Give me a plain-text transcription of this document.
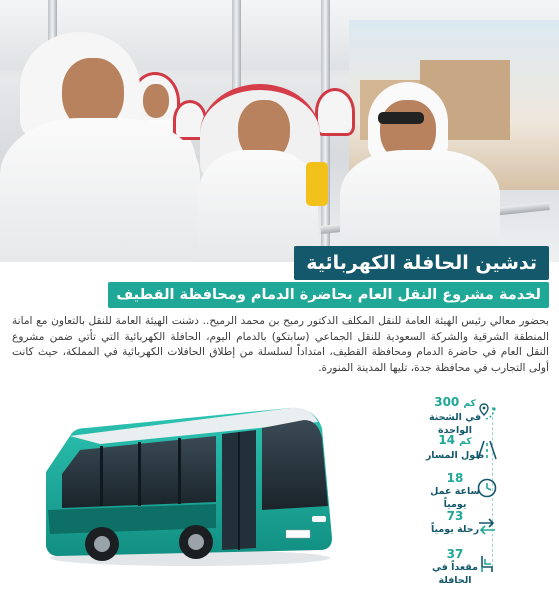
تدشين الحافلة الكهربائية
لخدمة مشروع النقل العام بحاضرة الدمام ومحافظة القطيف
بحضور معالي رئيس الهيئة العامة للنقل المكلف الدكتور رميح بن محمد الرميح.. دشنت الهيئة العامة للنقل بالتعاون مع امانة المنطقة الشرقية والشركة السعودية للنقل الجماعي (سابتكو) بالدمام اليوم، الحافلة الكهربائية التي تأتي ضمن مشروع النقل العام في حاضرة الدمام ومحافظة القطيف، امتداداً لسلسلة من إطلاق الحافلات الكهربائية في المملكة، حيث كانت أولى التجارب في محافظة جدة، تليها المدينة المنورة.
300 كم
في الشحنة الواحدة
14 كم
طول المسار
18
ساعة عمل يومياً
73
رحلة يومياً
37
مقعداً في الحافلة
